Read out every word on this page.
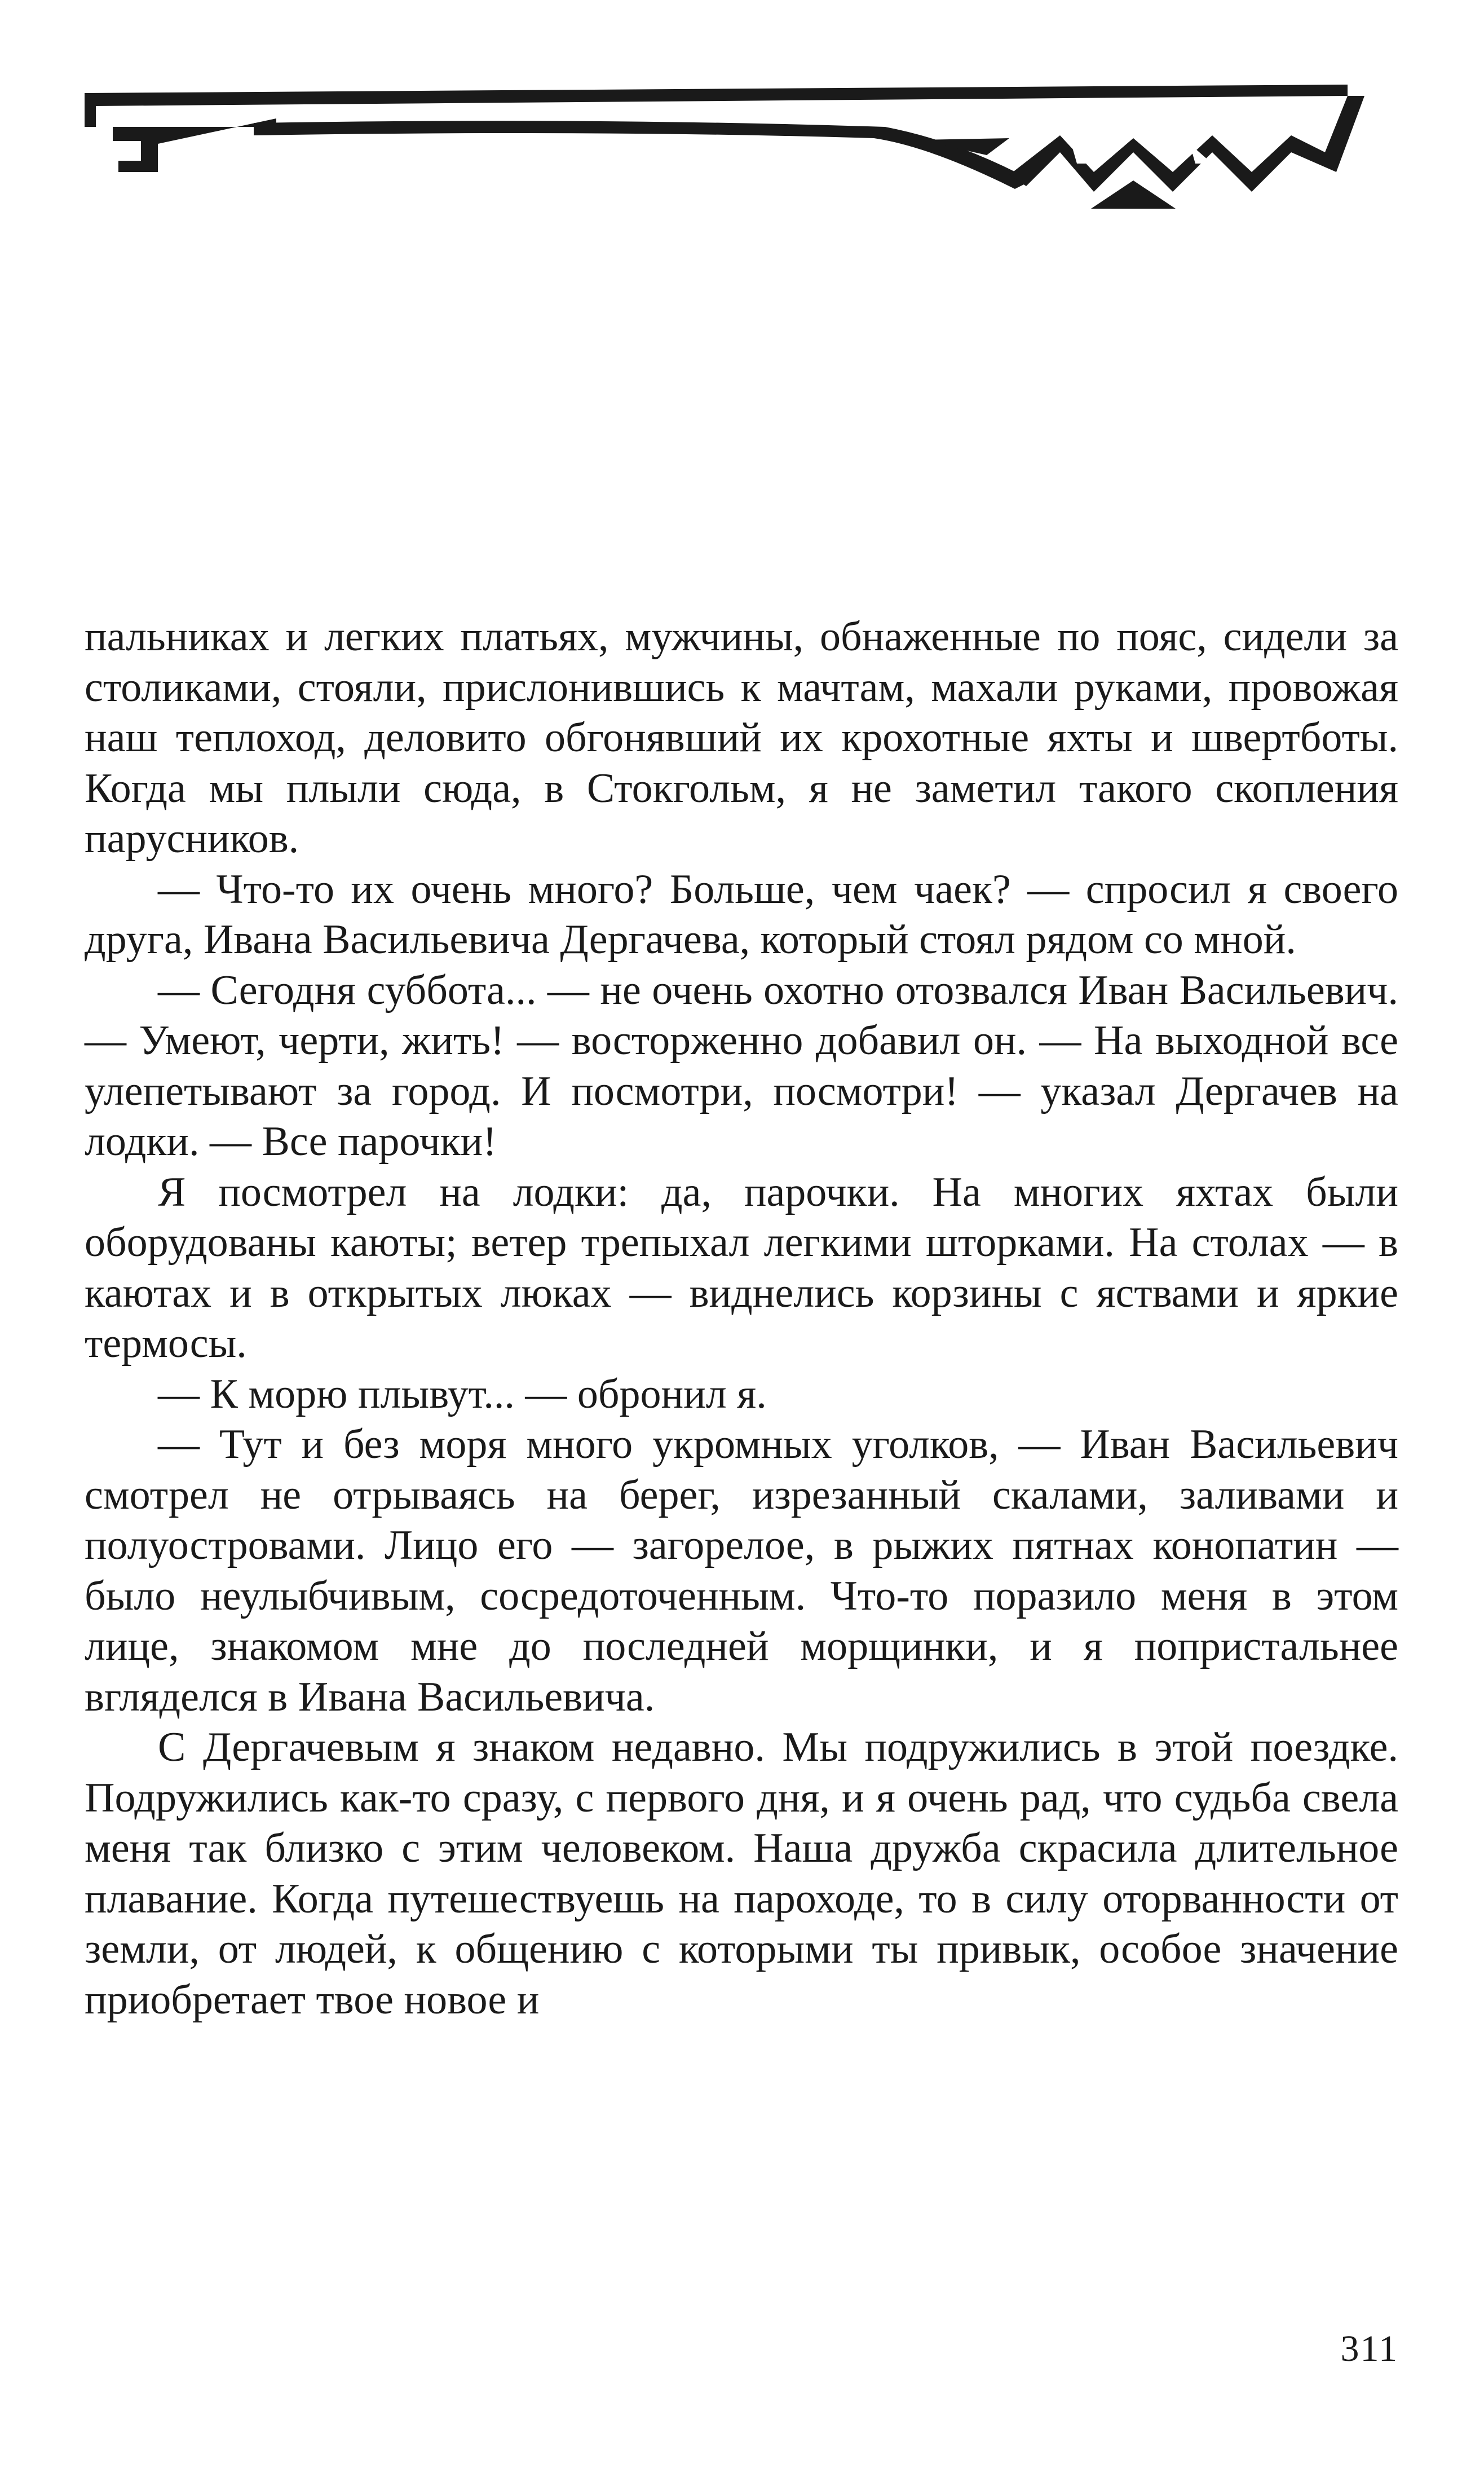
пальниках и легких платьях, мужчины, обнаженные по пояс, сидели за столиками, стояли, прислонившись к мачтам, махали руками, провожая наш теплоход, деловито обгонявший их крохотные яхты и швертботы. Когда мы плыли сюда, в Стокгольм, я не заметил такого скопления парусников.

— Что-то их очень много? Больше, чем чаек? — спросил я своего друга, Ивана Васильевича Дергачева, который стоял рядом со мной.

— Сегодня суббота... — не очень охотно отозвался Иван Васильевич. — Умеют, черти, жить! — восторженно добавил он. — На выходной все улепетывают за город. И посмотри, посмотри! — указал Дергачев на лодки. — Все парочки!

Я посмотрел на лодки: да, парочки. На многих яхтах были оборудованы каюты; ветер трепыхал легкими шторками. На столах — в каютах и в открытых люках — виднелись корзины с яствами и яркие термосы.

— К морю плывут... — обронил я.

— Тут и без моря много укромных уголков, — Иван Васильевич смотрел не отрываясь на берег, изрезанный скалами, заливами и полуостровами. Лицо его — загорелое, в рыжих пятнах конопатин — было неулыбчивым, сосредоточенным. Что-то поразило меня в этом лице, знакомом мне до последней морщинки, и я попристальнее вгляделся в Ивана Васильевича.

С Дергачевым я знаком недавно. Мы подружились в этой поездке. Подружились как-то сразу, с первого дня, и я очень рад, что судьба свела меня так близко с этим человеком. Наша дружба скрасила длительное плавание. Когда путешествуешь на пароходе, то в силу оторванности от земли, от людей, к общению с которыми ты привык, особое значение приобретает твое новое и

311
